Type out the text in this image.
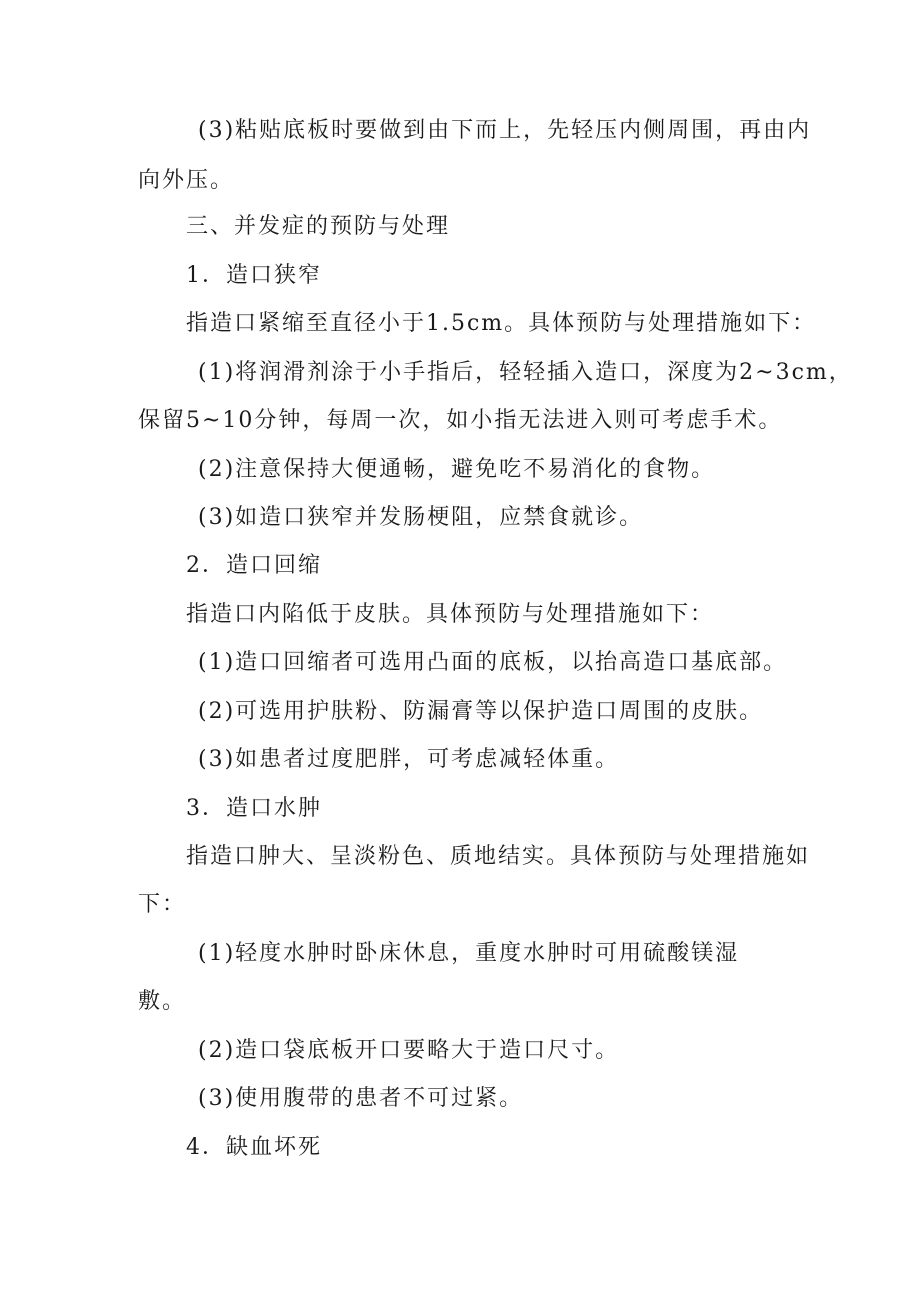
(3)粘贴底板时要做到由下而上，先轻压内侧周围，再由内
向外压。
三、并发症的预防与处理
1．造口狭窄
指造口紧缩至直径小于1.5cm。具体预防与处理措施如下：
(1)将润滑剂涂于小手指后，轻轻插入造口，深度为2~3cm，
保留5~10分钟，每周一次，如小指无法进入则可考虑手术。
(2)注意保持大便通畅，避免吃不易消化的食物。
(3)如造口狭窄并发肠梗阻，应禁食就诊。
2．造口回缩
指造口内陷低于皮肤。具体预防与处理措施如下：
(1)造口回缩者可选用凸面的底板，以抬高造口基底部。
(2)可选用护肤粉、防漏膏等以保护造口周围的皮肤。
(3)如患者过度肥胖，可考虑减轻体重。
3．造口水肿
指造口肿大、呈淡粉色、质地结实。具体预防与处理措施如
下：
(1)轻度水肿时卧床休息，重度水肿时可用硫酸镁湿
敷。
(2)造口袋底板开口要略大于造口尺寸。
(3)使用腹带的患者不可过紧。
4．缺血坏死
